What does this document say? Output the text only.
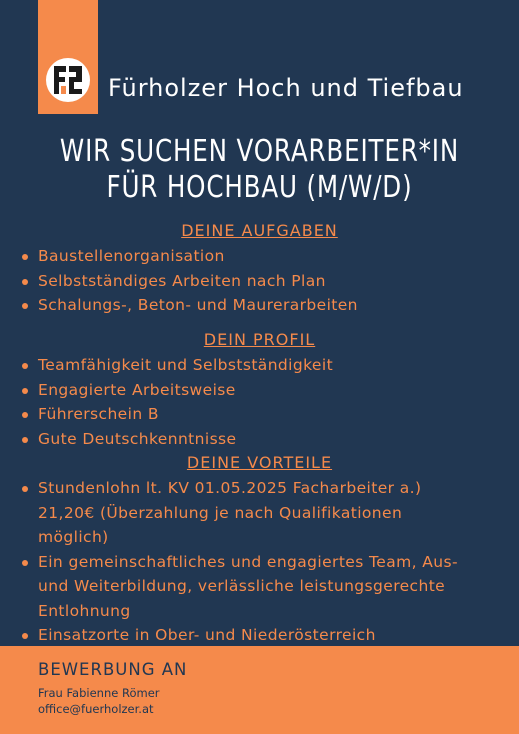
Fürholzer Hoch und Tiefbau
WIR SUCHEN VORARBEITER*IN
FÜR HOCHBAU (M/W/D)
DEINE AUFGABEN
Baustellenorganisation
Selbstständiges Arbeiten nach Plan
Schalungs-, Beton- und Maurerarbeiten
DEIN PROFIL
Teamfähigkeit und Selbstständigkeit
Engagierte Arbeitsweise
Führerschein B
Gute Deutschkenntnisse
DEINE VORTEILE
Stundenlohn lt. KV 01.05.2025 Facharbeiter a.)
21,20€ (Überzahlung je nach Qualifikationen
möglich)
Ein gemeinschaftliches und engagiertes Team, Aus-
und Weiterbildung, verlässliche leistungsgerechte
Entlohnung
Einsatzorte in Ober- und Niederösterreich
BEWERBUNG AN
Frau Fabienne Römer
office@fuerholzer.at
